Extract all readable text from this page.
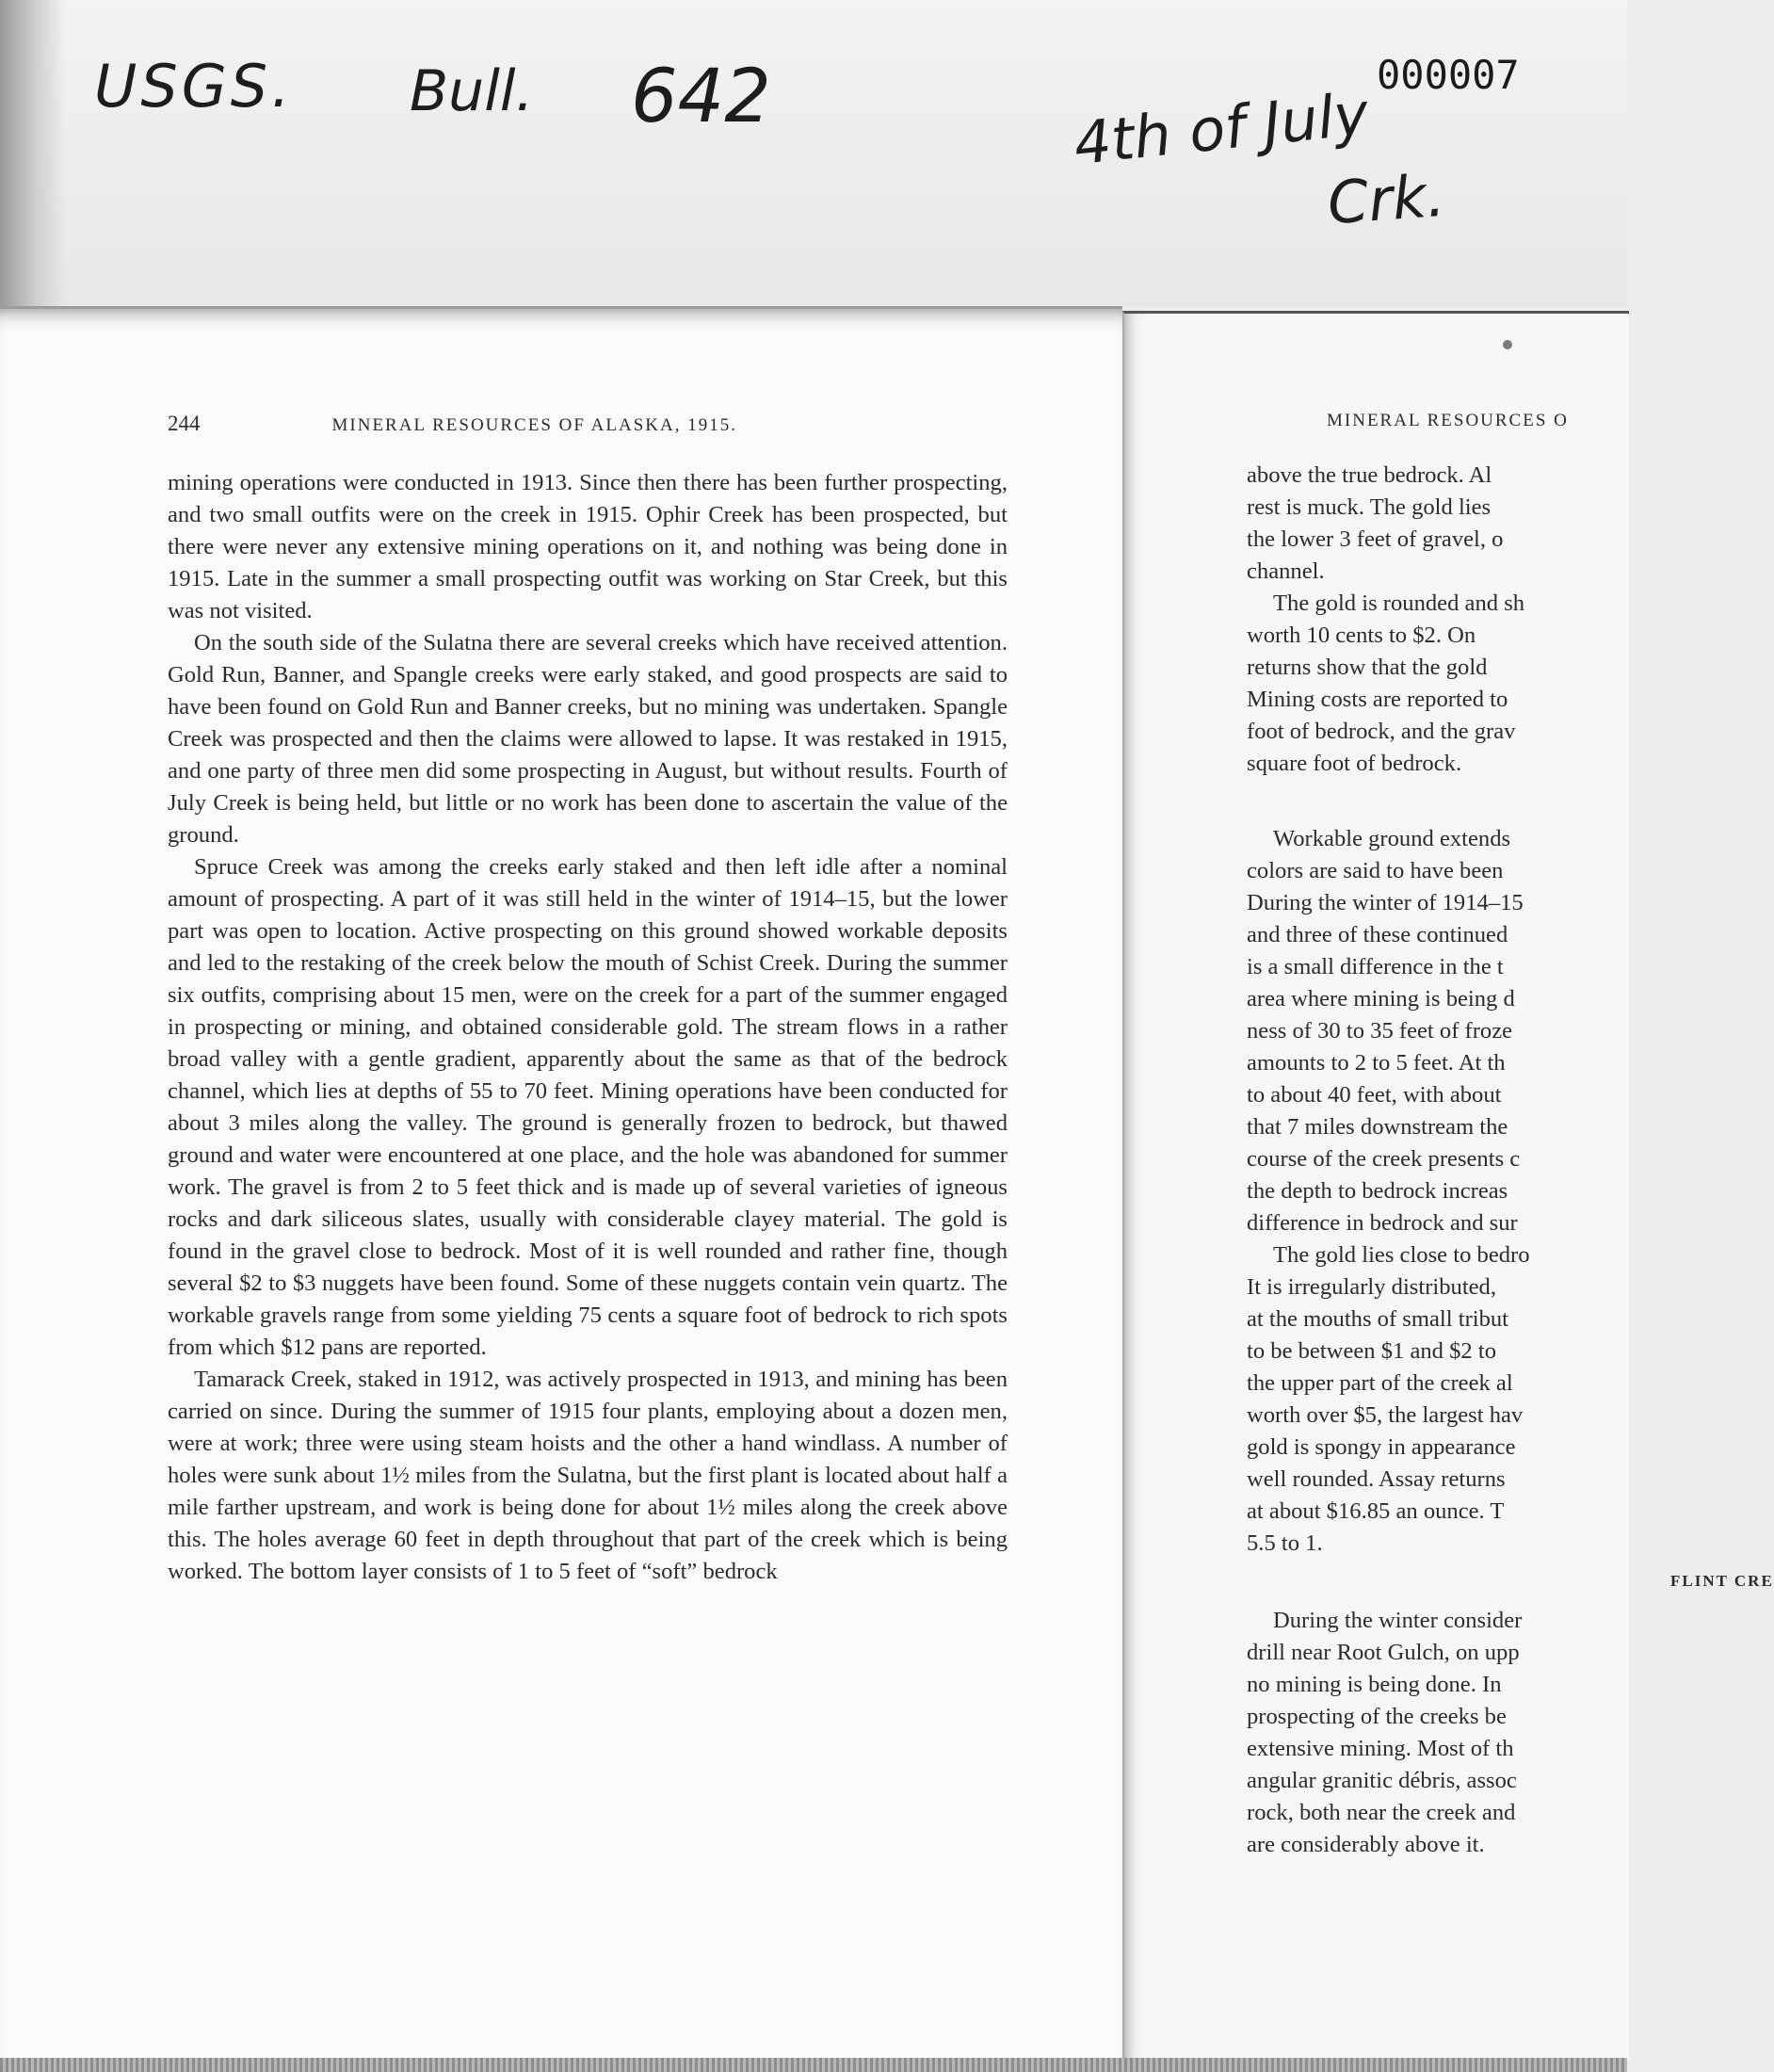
USGS. Bull. 642	4th of July
Crk.
000007
244	MINERAL RESOURCES OF ALASKA, 1915.

mining operations were conducted in 1913. Since then there has been further prospecting, and two small outfits were on the creek in 1915. Ophir Creek has been prospected, but there were never any extensive mining operations on it, and nothing was being done in 1915. Late in the summer a small prospecting outfit was working on Star Creek, but this was not visited.

On the south side of the Sulatna there are several creeks which have received attention. Gold Run, Banner, and Spangle creeks were early staked, and good prospects are said to have been found on Gold Run and Banner creeks, but no mining was undertaken. Spangle Creek was prospected and then the claims were allowed to lapse. It was restaked in 1915, and one party of three men did some prospecting in August, but without results. Fourth of July Creek is being held, but little or no work has been done to ascertain the value of the ground.

Spruce Creek was among the creeks early staked and then left idle after a nominal amount of prospecting. A part of it was still held in the winter of 1914–15, but the lower part was open to location. Active prospecting on this ground showed workable deposits and led to the restaking of the creek below the mouth of Schist Creek. During the summer six outfits, comprising about 15 men, were on the creek for a part of the summer engaged in prospecting or mining, and obtained considerable gold. The stream flows in a rather broad valley with a gentle gradient, apparently about the same as that of the bedrock channel, which lies at depths of 55 to 70 feet. Mining operations have been conducted for about 3 miles along the valley. The ground is generally frozen to bedrock, but thawed ground and water were encountered at one place, and the hole was abandoned for summer work. The gravel is from 2 to 5 feet thick and is made up of several varieties of igneous rocks and dark siliceous slates, usually with considerable clayey material. The gold is found in the gravel close to bedrock. Most of it is well rounded and rather fine, though several $2 to $3 nuggets have been found. Some of these nuggets contain vein quartz. The workable gravels range from some yielding 75 cents a square foot of bedrock to rich spots from which $12 pans are reported.

Tamarack Creek, staked in 1912, was actively prospected in 1913, and mining has been carried on since. During the summer of 1915 four plants, employing about a dozen men, were at work; three were using steam hoists and the other a hand windlass. A number of holes were sunk about 1½ miles from the Sulatna, but the first plant is located about half a mile farther upstream, and work is being done for about 1½ miles along the creek above this. The holes average 60 feet in depth throughout that part of the creek which is being worked. The bottom layer consists of 1 to 5 feet of “soft” bedrock

MINERAL RESOURCES O

above the true bedrock. Al
rest is muck. The gold lies
the lower 3 feet of gravel, o
channel.

The gold is rounded and sh
worth 10 cents to $2. On
returns show that the gold
Mining costs are reported to
foot of bedrock, and the grav
square foot of bedrock.

Workable ground extends
colors are said to have been
During the winter of 1914–15
and three of these continued
is a small difference in the t
area where mining is being d
ness of 30 to 35 feet of froze
amounts to 2 to 5 feet. At th
to about 40 feet, with about
that 7 miles downstream the
course of the creek presents c
the depth to bedrock increas
difference in bedrock and sur

The gold lies close to bedro
It is irregularly distributed,
at the mouths of small tribut
to be between $1 and $2 to
the upper part of the creek al
worth over $5, the largest hav
gold is spongy in appearance
well rounded. Assay returns
at about $16.85 an ounce. T
5.5 to 1.

FLINT CRE

During the winter consider
drill near Root Gulch, on upp
no mining is being done. In
prospecting of the creeks be
extensive mining. Most of th
angular granitic débris, assoc
rock, both near the creek and
are considerably above it.
